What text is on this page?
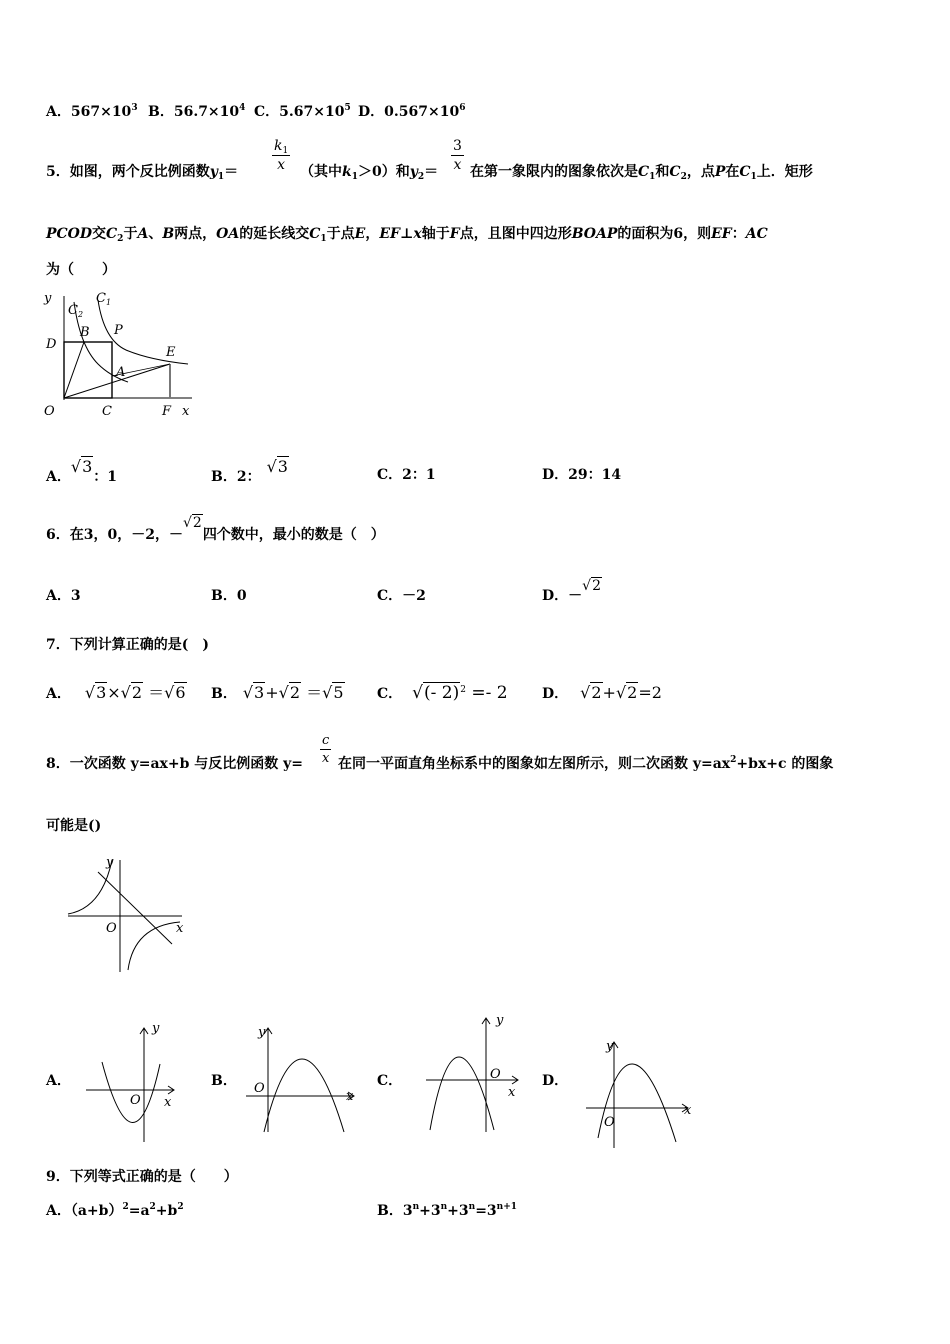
A．$567\times 10^3$ B．$56.7\times 10^4$ C．$5.67\times 10^5$ D．$0.567\times 10^6$
5．如图，两个反比例函数$y_1= \frac{k_1}{x}$ （其中$k_1>0$）和$y_2= \frac{3}{x}$ 在第一象限内的图象依次是$C_1$和$C_2$，点P在$C_1$上．矩形
PCOD交$C_2$于A、B两点，OA的延长线交$C_1$于点E，EF⊥x轴于F点，且图中四边形BOAP的面积为6，则EF：AC
为（　　）
y
$C_2$
$C_1$
B P
D
E
A
O	C	F x
A．√3：1	B．2：√3	C．2：1	D．29：14
6．在3，0，－2，－√2四个数中，最小的数是（　）
A．3	B．0	C．－2	D．－√2
7．下列计算正确的是(　)
A． √3×√2 ＝√6 B． √3+√2 ＝√5 C． √(- 2)$^2$ =- 2 D． √2+√2=2
8．一次函数 y=ax+b 与反比例函数 $y= \frac{c}{x}$ 在同一平面直角坐标系中的图象如左图所示，则二次函数 $y=ax^2+bx+c$ 的图象
可能是()
y
O	x
A．	B．	C．	D．
y
O x
y
O
x
y
O
x
y
O
x
9．下列等式正确的是（　　）
A．$(a+b)^2=a^2+b^2$	B．$3^n+3^n+3^n=3^{n+1}$
